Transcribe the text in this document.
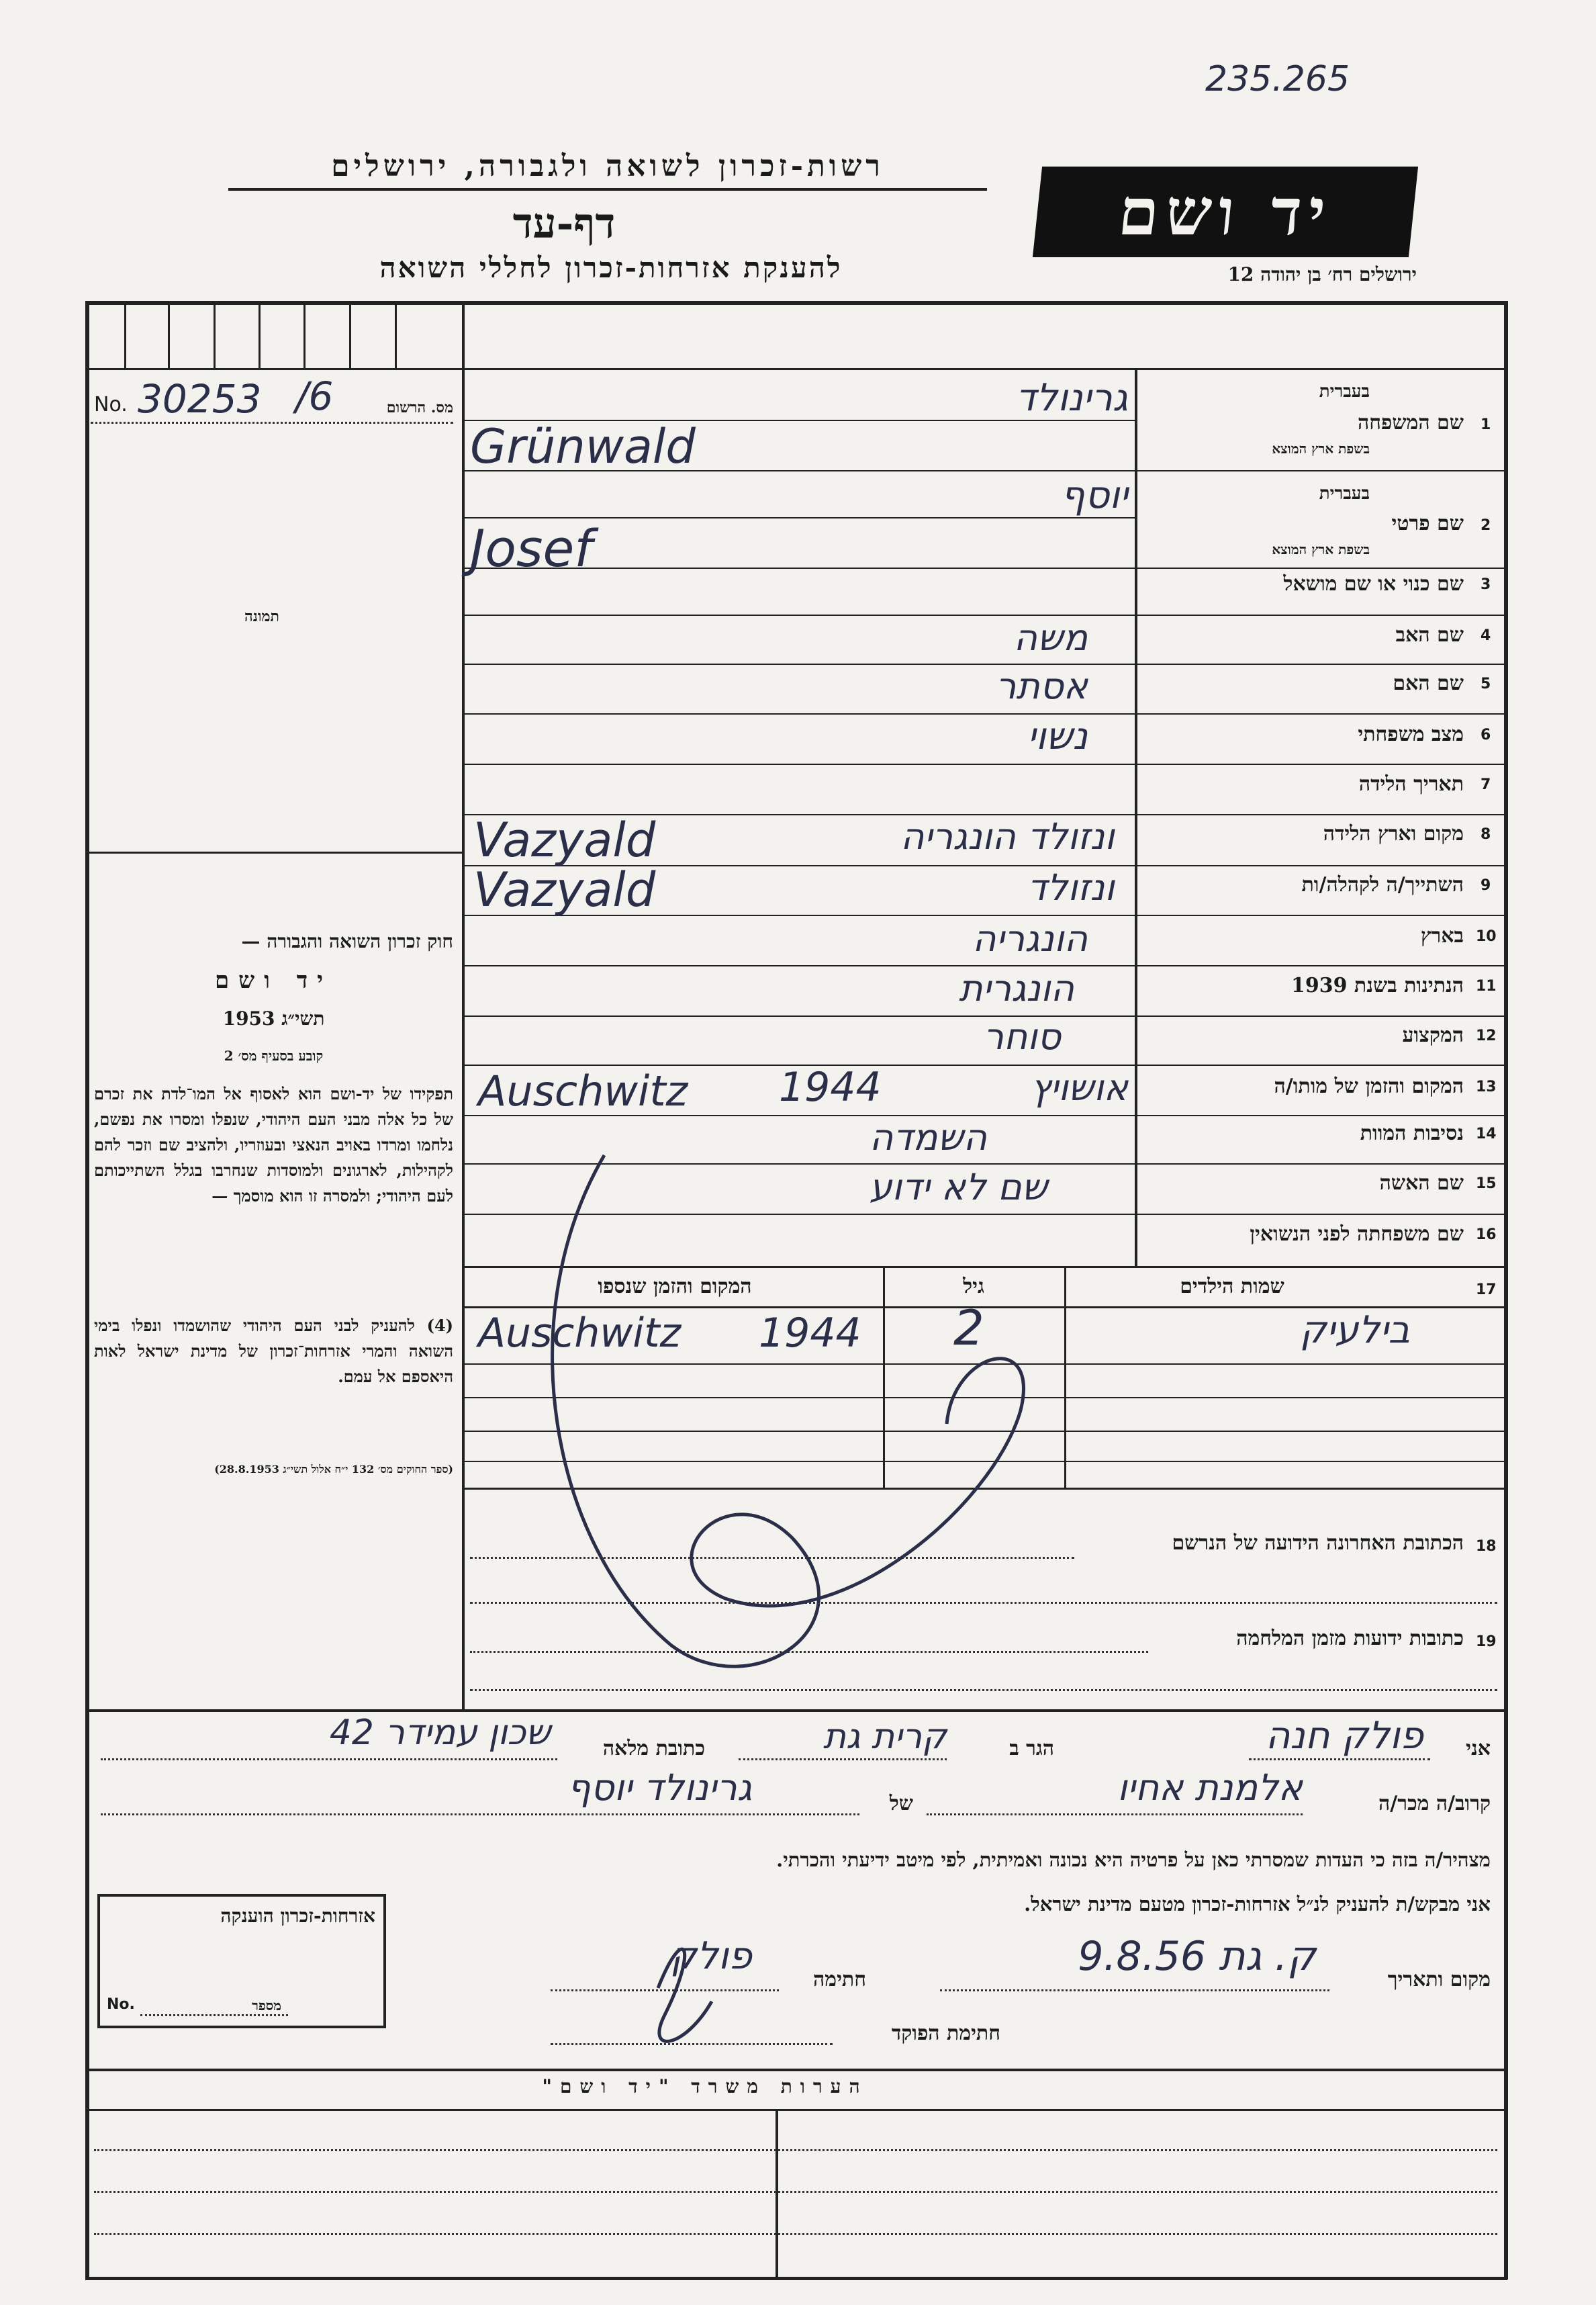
235.265
רשות-זכרון לשואה ולגבורה, ירושלים
דף-עד
להענקת אזרחות-זכרון לחללי השואה
יד ושם
ירושלים רח׳ בן יהודה 12
No. 30253 /6	מס. הרשום
תמונה
בעברית
שם המשפחה
בשפת ארץ המוצא
1
בעברית
שם פרטי
בשפת ארץ המוצא
2
שם כנוי או שם מושאל 3
שם האב 4
שם האם 5
מצב משפחתי 6
תאריך הלידה 7
מקום וארץ הלידה 8
השתייך/ה לקהלה/ות 9
בארץ 10
הנתינות בשנת 1939 11
המקצוע 12
המקום והזמן של מותו/ה 13
נסיבות המוות 14
שם האשה 15
שם משפחתה לפני הנשואין 16
גרינולד
Grünwald
יוסף
Josef
משה
אסתר
נשוי
ונזולד הונגריה
Vazyald
ונזולד
Vazyald
הונגריה
הונגרית
סוחר
אושויץ
1944
Auschwitz
השמדה
שם לא ידוע
17
שמות הילדים
גיל
המקום והזמן שנספו
בילעיק
2
Auschwitz 1944
הכתובת האחרונה הידועה של הנרשם 18
כתובות ידועות מזמן המלחמה 19
חוק זכרון השואה והגבורה —
יד ושם
תשי״ג 1953
קובע בסעיף מס׳ 2
תפקידו של יד-ושם הוא לאסוף אל המו־לדת את זכרם של כל אלה מבני העם היהודי, שנפלו ומסרו את נפשם, נלחמו ומרדו באויב הנאצי ובעוזריו, ולהציב שם וזכר להם לקהילות, לארגונים ולמוסדות שנחרבו בגלל השתייכותם לעם היהודי; ולמסרה זו הוא מוסמך —
(4) להעניק לבני העם היהודי שהושמדו ונפלו בימי השואה והמרי אזרחות־זכרון של מדינת ישראל לאות היאספם אל עמם.
(ספר החוקים מס׳ 132 י״ח אלול תשי״ג 28.8.1953)
אני
פולק חנה
הגר ב
קרית גת
כתובת מלאה
שכון עמידר 42
קרוב/ה מכר/ה
אלמנת אחיו
של
גרינולד יוסף
מצהיר/ה בזה כי העדות שמסרתי כאן על פרטיה היא נכונה ואמיתית, לפי מיטב ידיעתי והכרתי.
אני מבקש/ת להעניק לנ״ל אזרחות-זכרון מטעם מדינת ישראל.
מקום ותאריך
ק. גת 9.8.56
חתימה
פולק
חתימת הפוקד
אזרחות-זכרון הוענקה
No.	מספר
הערות משרד "יד ושם"
